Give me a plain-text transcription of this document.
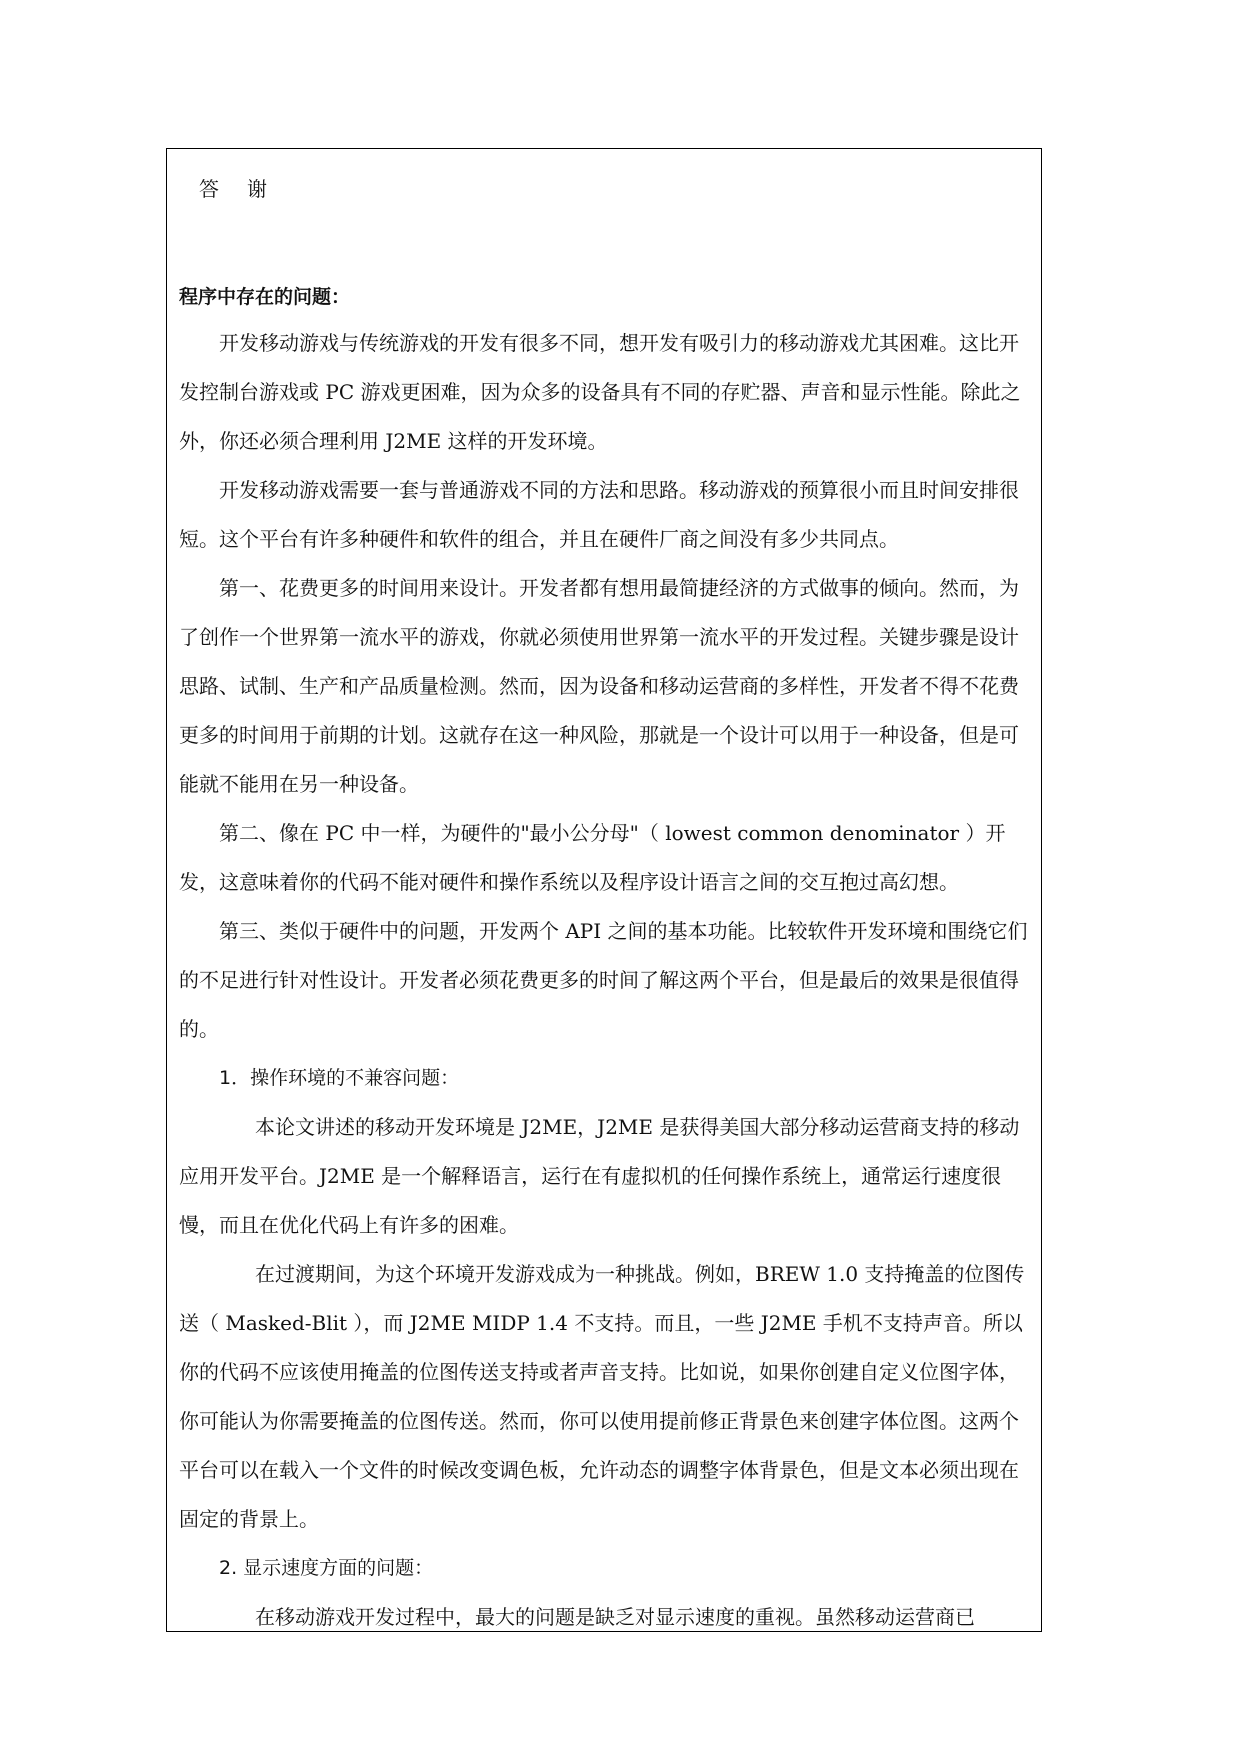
答谢

程序中存在的问题：

开发移动游戏与传统游戏的开发有很多不同，想开发有吸引力的移动游戏尤其困难。这比开发控制台游戏或 PC 游戏更困难，因为众多的设备具有不同的存贮器、声音和显示性能。除此之外，你还必须合理利用 J2ME 这样的开发环境。

开发移动游戏需要一套与普通游戏不同的方法和思路。移动游戏的预算很小而且时间安排很短。这个平台有许多种硬件和软件的组合，并且在硬件厂商之间没有多少共同点。

第一、花费更多的时间用来设计。开发者都有想用最简捷经济的方式做事的倾向。然而，为了创作一个世界第一流水平的游戏，你就必须使用世界第一流水平的开发过程。关键步骤是设计思路、试制、生产和产品质量检测。然而，因为设备和移动运营商的多样性，开发者不得不花费更多的时间用于前期的计划。这就存在这一种风险，那就是一个设计可以用于一种设备，但是可能就不能用在另一种设备。

第二、像在 PC 中一样，为硬件的"最小公分母"（ lowest common denominator ）开发，这意味着你的代码不能对硬件和操作系统以及程序设计语言之间的交互抱过高幻想。

第三、类似于硬件中的问题，开发两个 API 之间的基本功能。比较软件开发环境和围绕它们的不足进行针对性设计。开发者必须花费更多的时间了解这两个平台，但是最后的效果是很值得的。

1．操作环境的不兼容问题：

本论文讲述的移动开发环境是 J2ME，J2ME 是获得美国大部分移动运营商支持的移动应用开发平台。J2ME 是一个解释语言，运行在有虚拟机的任何操作系统上，通常运行速度很慢，而且在优化代码上有许多的困难。

在过渡期间，为这个环境开发游戏成为一种挑战。例如，BREW 1.0 支持掩盖的位图传送（ Masked-Blit ），而 J2ME MIDP 1.4 不支持。而且，一些 J2ME 手机不支持声音。所以你的代码不应该使用掩盖的位图传送支持或者声音支持。比如说，如果你创建自定义位图字体，你可能认为你需要掩盖的位图传送。然而，你可以使用提前修正背景色来创建字体位图。这两个平台可以在载入一个文件的时候改变调色板，允许动态的调整字体背景色，但是文本必须出现在固定的背景上。

2. 显示速度方面的问题：

在移动游戏开发过程中，最大的问题是缺乏对显示速度的重视。虽然移动运营商已
